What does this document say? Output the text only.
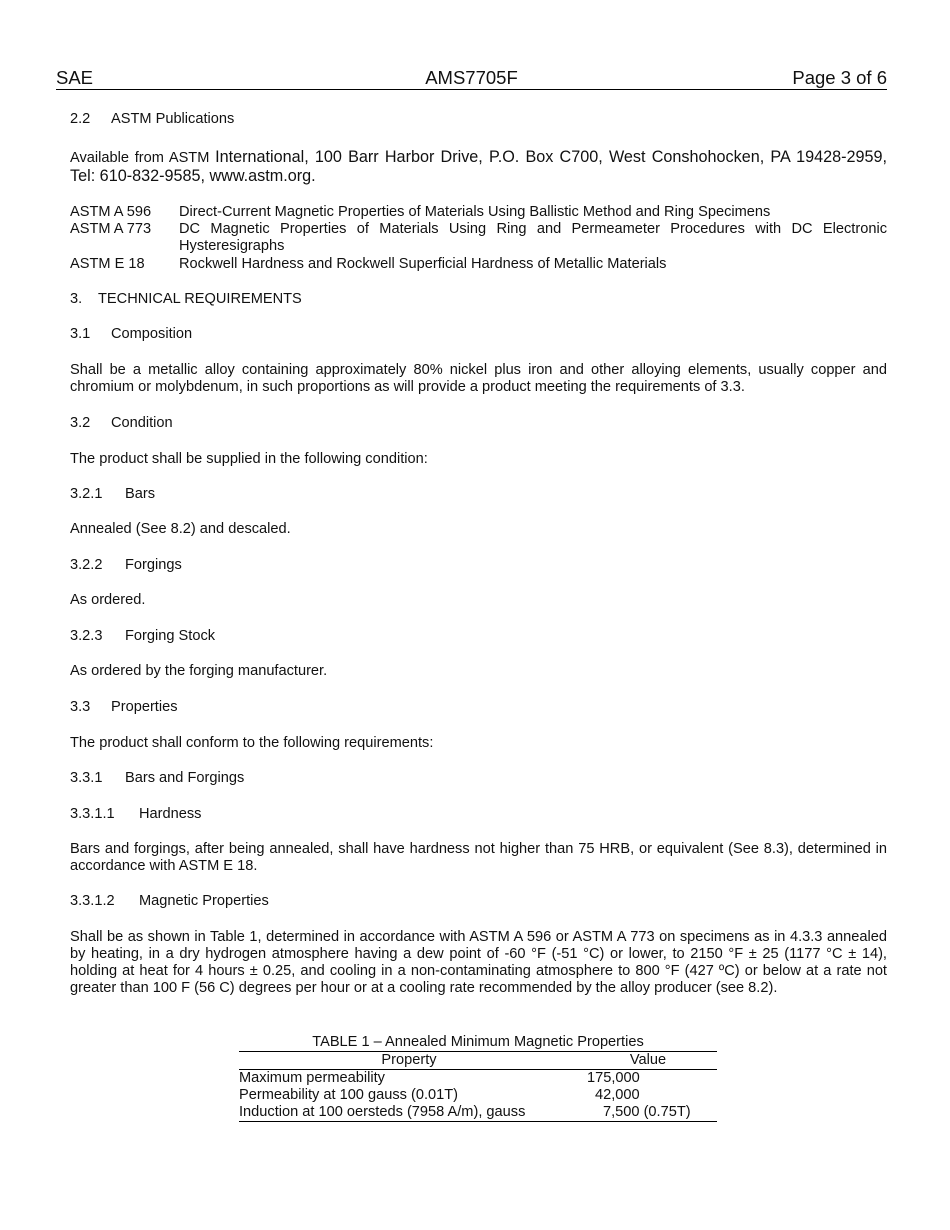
SAE	AMS7705F	Page 3 of 6
2.2 ASTM Publications
Available from ASTM International, 100 Barr Harbor Drive, P.O. Box C700, West Conshohocken, PA 19428-2959, Tel: 610-832-9585, www.astm.org.
ASTM A 596 Direct-Current Magnetic Properties of Materials Using Ballistic Method and Ring Specimens
ASTM A 773 DC Magnetic Properties of Materials Using Ring and Permeameter Procedures with DC Electronic Hysteresigraphs
ASTM E 18 Rockwell Hardness and Rockwell Superficial Hardness of Metallic Materials
3. TECHNICAL REQUIREMENTS
3.1 Composition
Shall be a metallic alloy containing approximately 80% nickel plus iron and other alloying elements, usually copper and chromium or molybdenum, in such proportions as will provide a product meeting the requirements of 3.3.
3.2 Condition
The product shall be supplied in the following condition:
3.2.1 Bars
Annealed (See 8.2) and descaled.
3.2.2 Forgings
As ordered.
3.2.3 Forging Stock
As ordered by the forging manufacturer.
3.3 Properties
The product shall conform to the following requirements:
3.3.1 Bars and Forgings
3.3.1.1 Hardness
Bars and forgings, after being annealed, shall have hardness not higher than 75 HRB, or equivalent (See 8.3), determined in accordance with ASTM E 18.
3.3.1.2 Magnetic Properties
Shall be as shown in Table 1, determined in accordance with ASTM A 596 or ASTM A 773 on specimens as in 4.3.3 annealed by heating, in a dry hydrogen atmosphere having a dew point of -60 °F (-51 °C) or lower, to 2150 °F ± 25 (1177 °C ± 14), holding at heat for 4 hours ± 0.25, and cooling in a non-contaminating atmosphere to 800 °F (427 ºC) or below at a rate not greater than 100 F (56 C) degrees per hour or at a cooling rate recommended by the alloy producer (see 8.2).
TABLE 1 – Annealed Minimum Magnetic Properties
Property	Value
Maximum permeability	175,000
Permeability at 100 gauss (0.01T)	42,000
Induction at 100 oersteds (7958 A/m), gauss	7,500 (0.75T)
